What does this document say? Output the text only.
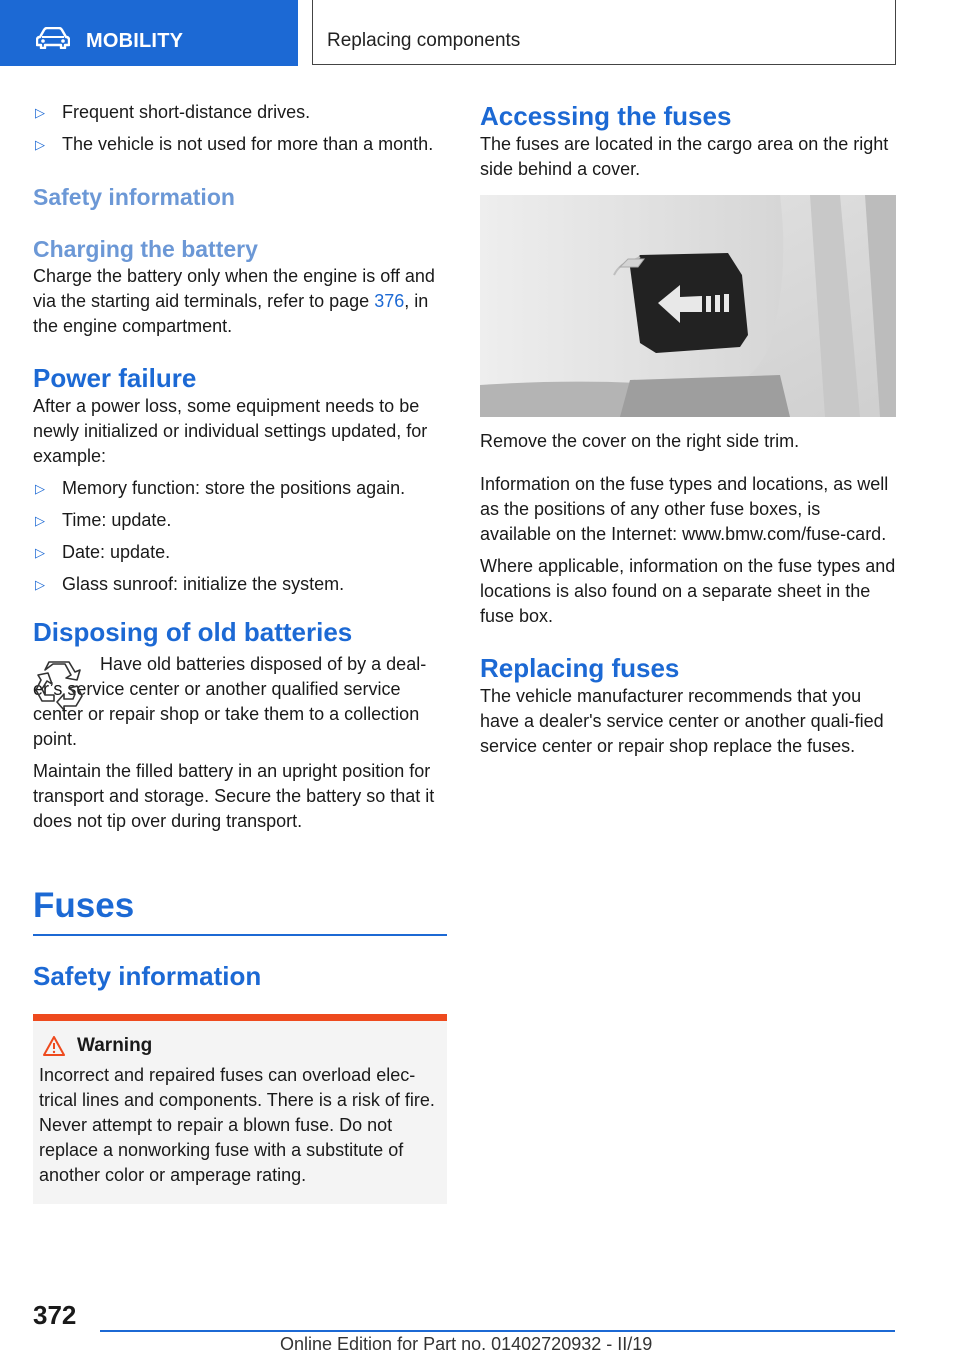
MOBILITY	Replacing components
▷ Frequent short-distance drives.
▷ The vehicle is not used for more than a month.
Safety information
Charging the battery

Charge the battery only when the engine is off and via the starting aid terminals, refer to page 376, in the engine compartment.

Power failure

After a power loss, some equipment needs to be newly initialized or individual settings updated, for example:

▷ Memory function: store the positions again.
▷ Time: update.
▷ Date: update.
▷ Glass sunroof: initialize the system.
Disposing of old batteries

Have old batteries disposed of by a deal‐er’s service center or another qualified service center or repair shop or take them to a collection point.

Maintain the filled battery in an upright position for transport and storage. Secure the battery so that it does not tip over during transport.

Fuses
Safety information
Warning

Incorrect and repaired fuses can overload elec‐trical lines and components. There is a risk of fire. Never attempt to repair a blown fuse. Do not replace a nonworking fuse with a substitute of another color or amperage rating.

Accessing the fuses

The fuses are located in the cargo area on the right side behind a cover.

Remove the cover on the right side trim.

Information on the fuse types and locations, as well as the positions of any other fuse boxes, is available on the Internet: www.bmw.com/fuse‐card.

Where applicable, information on the fuse types and locations is also found on a separate sheet in the fuse box.

Replacing fuses

The vehicle manufacturer recommends that you have a dealer's service center or another quali‐fied service center or repair shop replace the fuses.

372
Online Edition for Part no. 01402720932 - II/19
